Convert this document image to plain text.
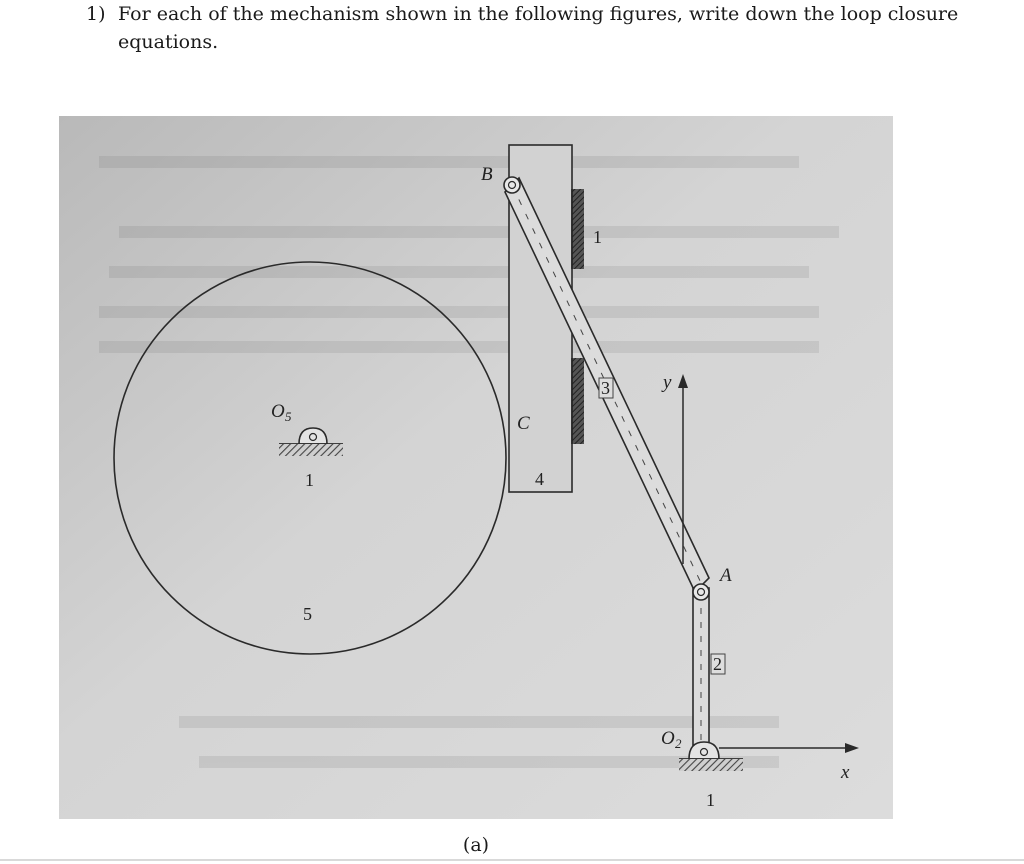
1) For each of the mechanism shown in the following figures, write down the loop closure equations.
B
C
A
O 5
O 2
1
1
1
2
3
4
5
x
y
(a)
